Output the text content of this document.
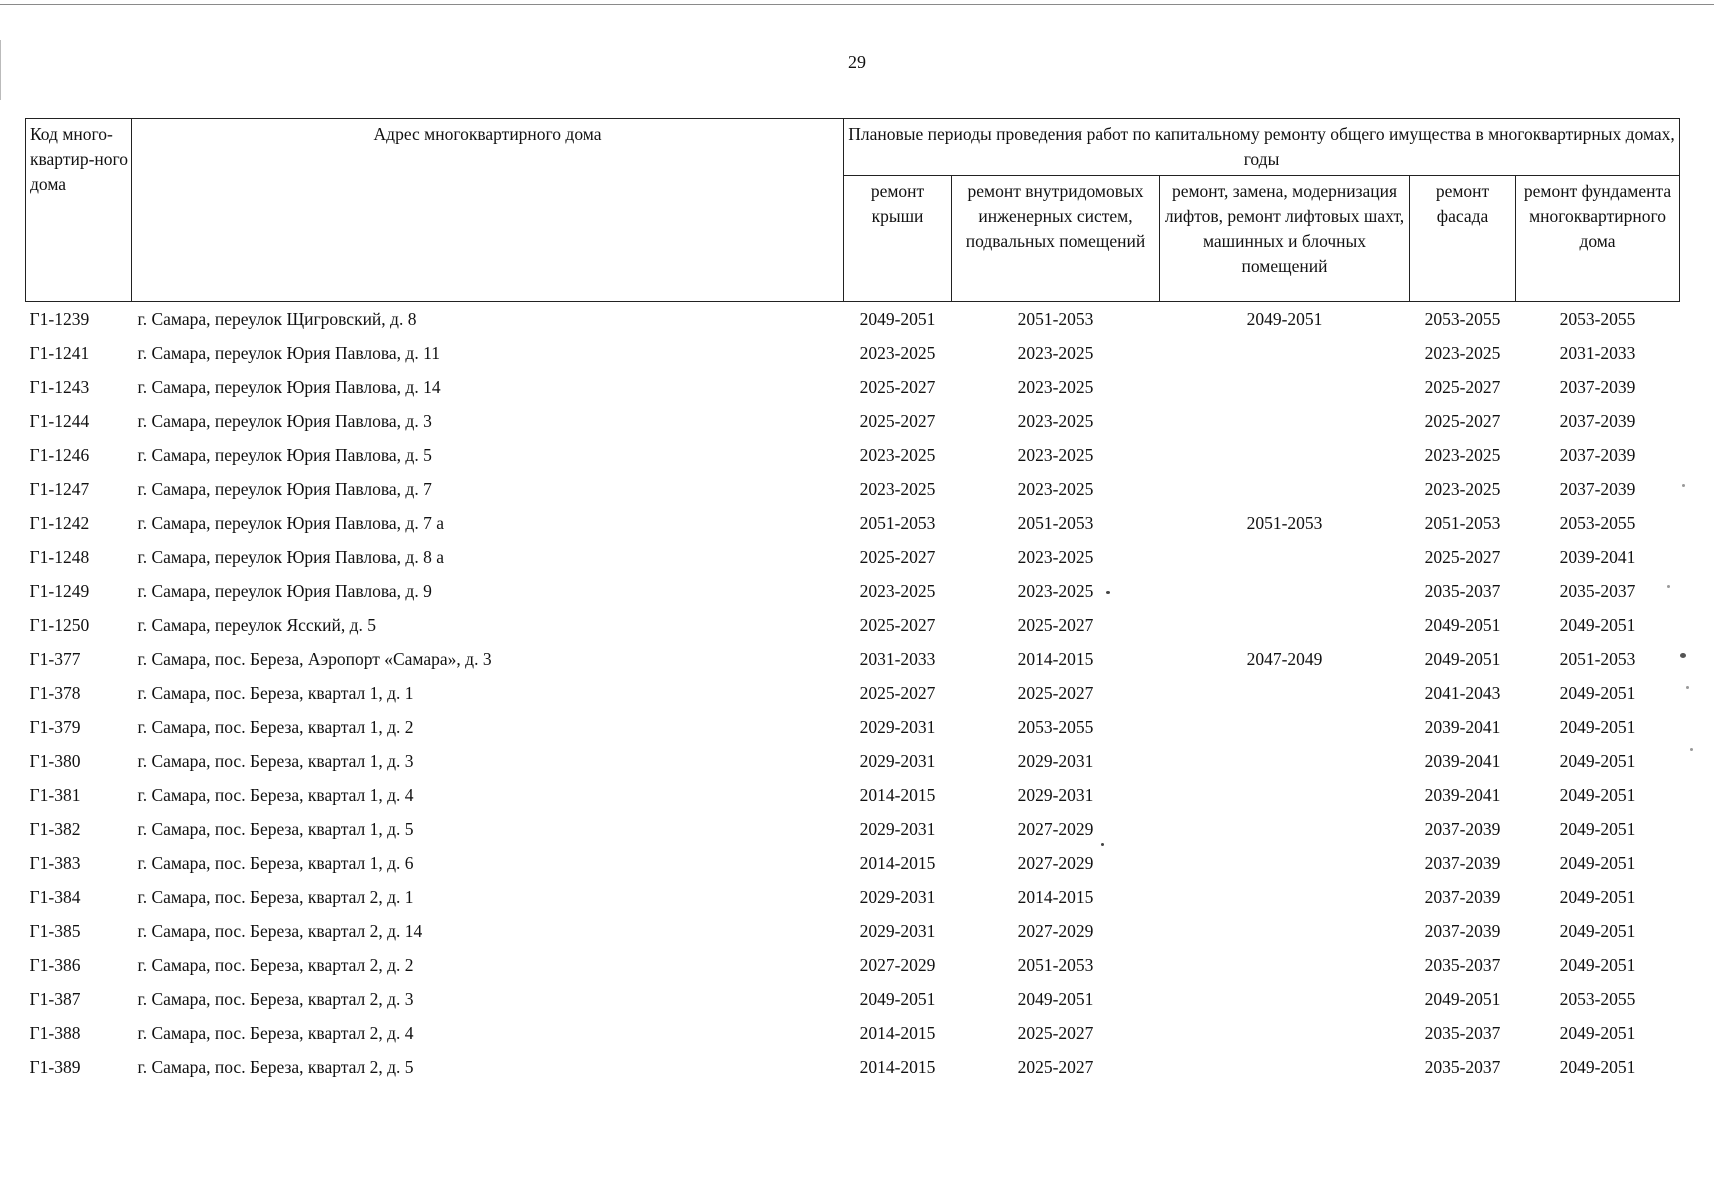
29
Код много-квартир-ного дома	Адрес многоквартирного дома	Плановые периоды проведения работ по капитальному ремонту общего имущества в многоквартирных домах, годы				
		ремонт крыши	ремонт внутридомовых инженерных систем, подвальных помещений	ремонт, замена, модернизация лифтов, ремонт лифтовых шахт, машинных и блочных помещений	ремонт фасада	ремонт фундамента многоквартирного дома
Г1-1239	г. Самара, переулок Щигровский, д. 8	2049-2051	2051-2053	2049-2051	2053-2055	2053-2055
Г1-1241	г. Самара, переулок Юрия Павлова, д. 11	2023-2025	2023-2025		2023-2025	2031-2033
Г1-1243	г. Самара, переулок Юрия Павлова, д. 14	2025-2027	2023-2025		2025-2027	2037-2039
Г1-1244	г. Самара, переулок Юрия Павлова, д. 3	2025-2027	2023-2025		2025-2027	2037-2039
Г1-1246	г. Самара, переулок Юрия Павлова, д. 5	2023-2025	2023-2025		2023-2025	2037-2039
Г1-1247	г. Самара, переулок Юрия Павлова, д. 7	2023-2025	2023-2025		2023-2025	2037-2039
Г1-1242	г. Самара, переулок Юрия Павлова, д. 7 а	2051-2053	2051-2053	2051-2053	2051-2053	2053-2055
Г1-1248	г. Самара, переулок Юрия Павлова, д. 8 а	2025-2027	2023-2025		2025-2027	2039-2041
Г1-1249	г. Самара, переулок Юрия Павлова, д. 9	2023-2025	2023-2025		2035-2037	2035-2037
Г1-1250	г. Самара, переулок Ясский, д. 5	2025-2027	2025-2027		2049-2051	2049-2051
Г1-377	г. Самара, пос. Береза, Аэропорт «Самара», д. 3	2031-2033	2014-2015	2047-2049	2049-2051	2051-2053
Г1-378	г. Самара, пос. Береза, квартал 1, д. 1	2025-2027	2025-2027		2041-2043	2049-2051
Г1-379	г. Самара, пос. Береза, квартал 1, д. 2	2029-2031	2053-2055		2039-2041	2049-2051
Г1-380	г. Самара, пос. Береза, квартал 1, д. 3	2029-2031	2029-2031		2039-2041	2049-2051
Г1-381	г. Самара, пос. Береза, квартал 1, д. 4	2014-2015	2029-2031		2039-2041	2049-2051
Г1-382	г. Самара, пос. Береза, квартал 1, д. 5	2029-2031	2027-2029		2037-2039	2049-2051
Г1-383	г. Самара, пос. Береза, квартал 1, д. 6	2014-2015	2027-2029		2037-2039	2049-2051
Г1-384	г. Самара, пос. Береза, квартал 2, д. 1	2029-2031	2014-2015		2037-2039	2049-2051
Г1-385	г. Самара, пос. Береза, квартал 2, д. 14	2029-2031	2027-2029		2037-2039	2049-2051
Г1-386	г. Самара, пос. Береза, квартал 2, д. 2	2027-2029	2051-2053		2035-2037	2049-2051
Г1-387	г. Самара, пос. Береза, квартал 2, д. 3	2049-2051	2049-2051		2049-2051	2053-2055
Г1-388	г. Самара, пос. Береза, квартал 2, д. 4	2014-2015	2025-2027		2035-2037	2049-2051
Г1-389	г. Самара, пос. Береза, квартал 2, д. 5	2014-2015	2025-2027		2035-2037	2049-2051
